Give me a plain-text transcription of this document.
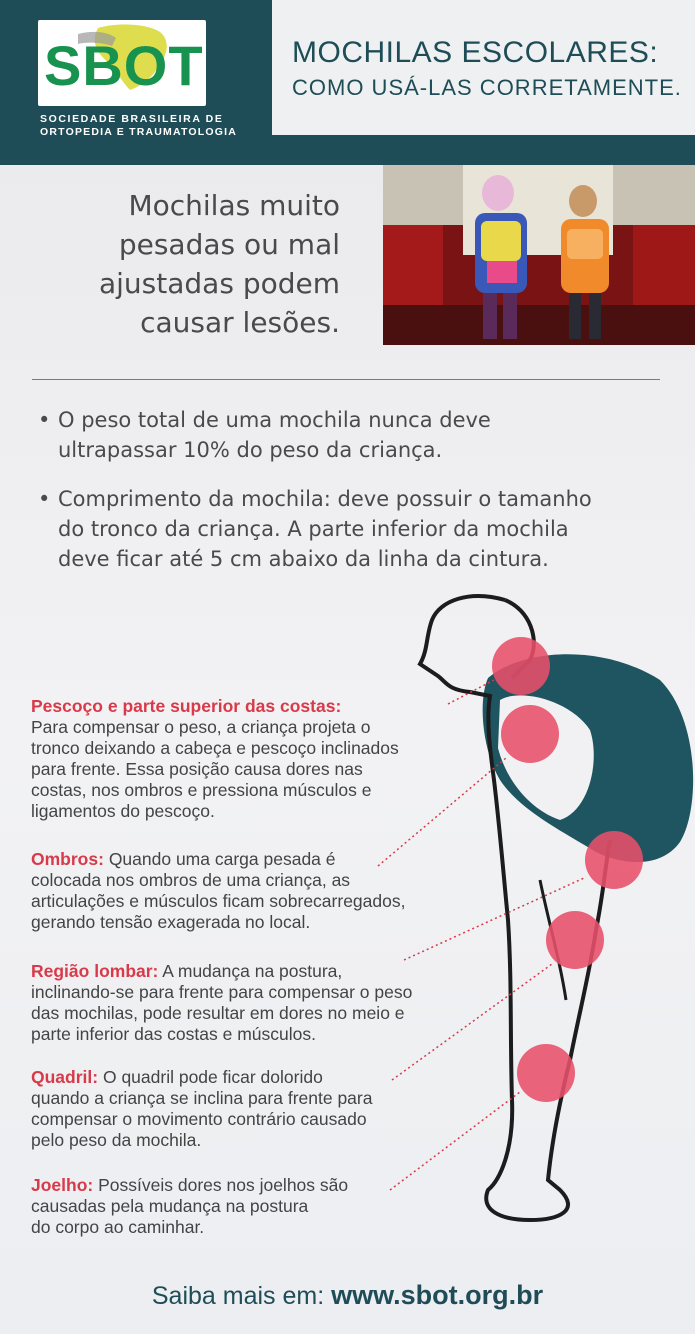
SBOT
SOCIEDADE BRASILEIRA DE
ORTOPEDIA E TRAUMATOLOGIA
MOCHILAS ESCOLARES:
COMO USÁ-LAS CORRETAMENTE.
Mochilas muito
pesadas ou mal
ajustadas podem
causar lesões.
• O peso total de uma mochila nunca deve
ultrapassar 10% do peso da criança.
• Comprimento da mochila: deve possuir o tamanho
do tronco da criança. A parte inferior da mochila
deve ficar até 5 cm abaixo da linha da cintura.
Pescoço e parte superior das costas:
Para compensar o peso, a criança projeta o
tronco deixando a cabeça e pescoço inclinados
para frente. Essa posição causa dores nas
costas, nos ombros e pressiona músculos e
ligamentos do pescoço.
Ombros: Quando uma carga pesada é
colocada nos ombros de uma criança, as
articulações e músculos ficam sobrecarregados,
gerando tensão exagerada no local.
Região lombar: A mudança na postura,
inclinando-se para frente para compensar o peso
das mochilas, pode resultar em dores no meio e
parte inferior das costas e músculos.
Quadril: O quadril pode ficar dolorido
quando a criança se inclina para frente para
compensar o movimento contrário causado
pelo peso da mochila.
Joelho: Possíveis dores nos joelhos são
causadas pela mudança na postura
do corpo ao caminhar.
Saiba mais em: www.sbot.org.br
